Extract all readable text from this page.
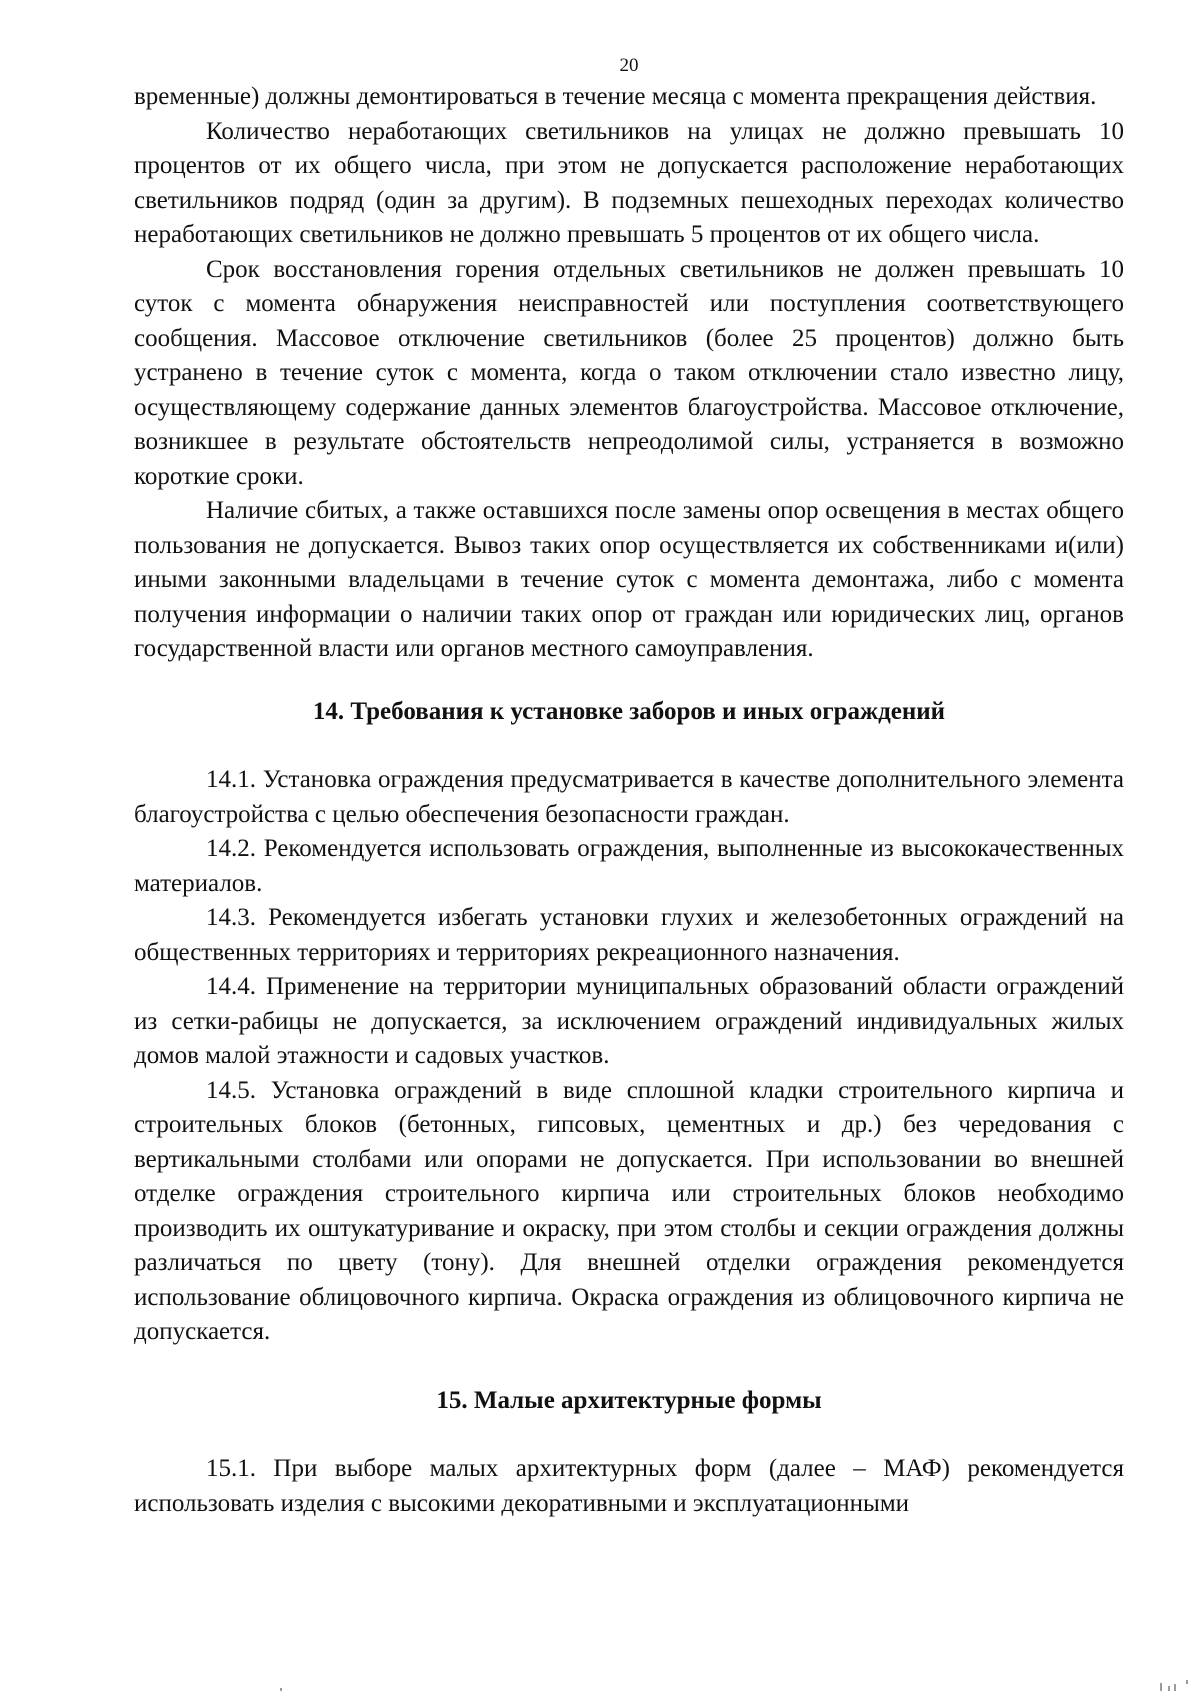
20

временные) должны демонтироваться в течение месяца с момента прекращения действия.

Количество неработающих светильников на улицах не должно превышать 10 процентов от их общего числа, при этом не допускается расположение неработающих светильников подряд (один за другим). В подземных пешеходных переходах количество неработающих светильников не должно превышать 5 процентов от их общего числа.

Срок восстановления горения отдельных светильников не должен превышать 10 суток с момента обнаружения неисправностей или поступления соответствующего сообщения. Массовое отключение светильников (более 25 процентов) должно быть устранено в течение суток с момента, когда о таком отключении стало известно лицу, осуществляющему содержание данных элементов благоустройства. Массовое отключение, возникшее в результате обстоятельств непреодолимой силы, устраняется в возможно короткие сроки.

Наличие сбитых, а также оставшихся после замены опор освещения в местах общего пользования не допускается. Вывоз таких опор осуществляется их собственниками и(или) иными законными владельцами в течение суток с момента демонтажа, либо с момента получения информации о наличии таких опор от граждан или юридических лиц, органов государственной власти или органов местного самоуправления.

14. Требования к установке заборов и иных ограждений

14.1. Установка ограждения предусматривается в качестве дополнительного элемента благоустройства с целью обеспечения безопасности граждан.

14.2. Рекомендуется использовать ограждения, выполненные из высококачественных материалов.

14.3. Рекомендуется избегать установки глухих и железобетонных ограждений на общественных территориях и территориях рекреационного назначения.

14.4. Применение на территории муниципальных образований области ограждений из сетки-рабицы не допускается, за исключением ограждений индивидуальных жилых домов малой этажности и садовых участков.

14.5. Установка ограждений в виде сплошной кладки строительного кирпича и строительных блоков (бетонных, гипсовых, цементных и др.) без чередования с вертикальными столбами или опорами не допускается. При использовании во внешней отделке ограждения строительного кирпича или строительных блоков необходимо производить их оштукатуривание и окраску, при этом столбы и секции ограждения должны различаться по цвету (тону). Для внешней отделки ограждения рекомендуется использование облицовочного кирпича. Окраска ограждения из облицовочного кирпича не допускается.

15. Малые архитектурные формы

15.1. При выборе малых архитектурных форм (далее – МАФ) рекомендуется использовать изделия с высокими декоративными и эксплуатационными
